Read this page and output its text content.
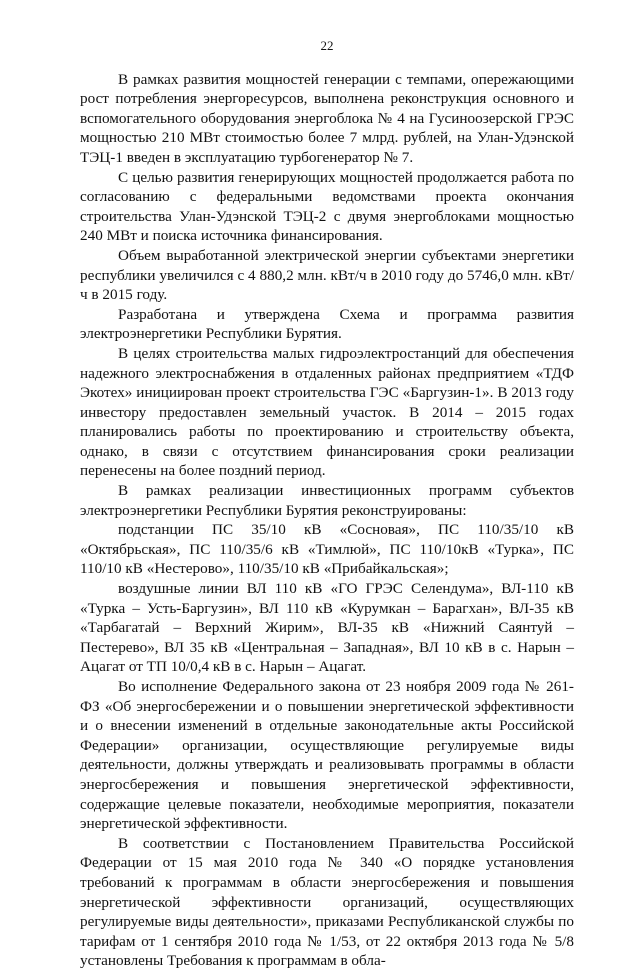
22

В рамках развития мощностей генерации с темпами, опережающими рост потребления энергоресурсов, выполнена реконструкция основного и вспомогательного оборудования энергоблока № 4 на Гусиноозерской ГРЭС мощностью 210 МВт стоимостью более 7 млрд. рублей, на Улан-Удэнской ТЭЦ-1 введен в эксплуатацию турбогенератор № 7.

С целью развития генерирующих мощностей продолжается работа по согласованию с федеральными ведомствами проекта окончания строительства Улан-Удэнской ТЭЦ-2 с двумя энергоблоками мощностью 240 МВт и поиска источника финансирования.

Объем выработанной электрической энергии субъектами энергетики республики увеличился с 4 880,2 млн. кВт/ч в 2010 году до 5746,0 млн. кВт/ч в 2015 году.

Разработана и утверждена Схема и программа развития электроэнергетики Республики Бурятия.

В целях строительства малых гидроэлектростанций для обеспечения надежного электроснабжения в отдаленных районах предприятием «ТДФ Экотех» инициирован проект строительства ГЭС «Баргузин-1». В 2013 году инвестору предоставлен земельный участок. В 2014 – 2015 годах планировались работы по проектированию и строительству объекта, однако, в связи с отсутствием финансирования сроки реализации перенесены на более поздний период.

В рамках реализации инвестиционных программ субъектов электроэнергетики Республики Бурятия реконструированы:

подстанции ПС 35/10 кВ «Сосновая», ПС 110/35/10 кВ «Октябрьская», ПС 110/35/6 кВ «Тимлюй», ПС 110/10кВ «Турка», ПС 110/10 кВ «Нестерово», 110/35/10 кВ «Прибайкальская»;

воздушные линии ВЛ 110 кВ «ГО ГРЭС Селендума», ВЛ-110 кВ «Турка – Усть-Баргузин», ВЛ 110 кВ «Курумкан – Барагхан», ВЛ-35 кВ «Тарбагатай – Верхний Жирим», ВЛ-35 кВ «Нижний Саянтуй – Пестерево», ВЛ 35 кВ «Центральная – Западная», ВЛ 10 кВ в с. Нарын – Ацагат от ТП 10/0,4 кВ в с. Нарын – Ацагат.

Во исполнение Федерального закона от 23 ноября 2009 года № 261-ФЗ «Об энергосбережении и о повышении энергетической эффективности и о внесении изменений в отдельные законодательные акты Российской Федерации» организации, осуществляющие регулируемые виды деятельности, должны утверждать и реализовывать программы в области энергосбережения и повышения энергетической эффективности, содержащие целевые показатели, необходимые мероприятия, показатели энергетической эффективности.

В соответствии с Постановлением Правительства Российской Федерации от 15 мая 2010 года № 340 «О порядке установления требований к программам в области энергосбережения и повышения энергетической эффективности организаций, осуществляющих регулируемые виды деятельности», приказами Республиканской службы по тарифам от 1 сентября 2010 года № 1/53, от 22 октября 2013 года № 5/8 установлены Требования к программам в обла-
